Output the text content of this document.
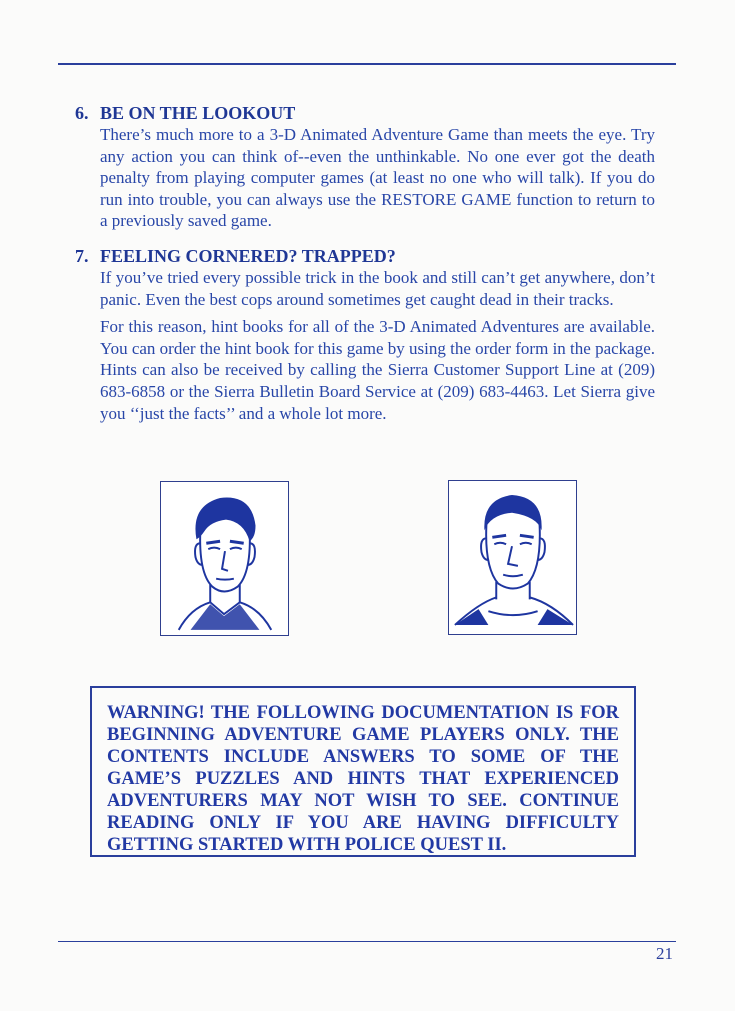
6. BE ON THE LOOKOUT

There’s much more to a 3-D Animated Adventure Game than meets the eye. Try any action you can think of--even the unthinkable. No one ever got the death penalty from playing computer games (at least no one who will talk). If you do run into trouble, you can always use the RESTORE GAME function to return to a previously saved game.

7. FEELING CORNERED? TRAPPED?

If you’ve tried every possible trick in the book and still can’t get anywhere, don’t panic. Even the best cops around sometimes get caught dead in their tracks.

For this reason, hint books for all of the 3-D Animated Adventures are available. You can order the hint book for this game by using the order form in the package. Hints can also be received by calling the Sierra Customer Support Line at (209) 683-6858 or the Sierra Bulletin Board Service at (209) 683-4463. Let Sierra give you ‘‘just the facts’’ and a whole lot more.

WARNING! THE FOLLOWING DOCUMENTATION IS FOR BEGINNING ADVENTURE GAME PLAYERS ONLY. THE CONTENTS INCLUDE ANSWERS TO SOME OF THE GAME’S PUZZLES AND HINTS THAT EXPERIENCED ADVENTURERS MAY NOT WISH TO SEE. CONTINUE READING ONLY IF YOU ARE HAVING DIFFICULTY GETTING STARTED WITH POLICE QUEST II.
21
